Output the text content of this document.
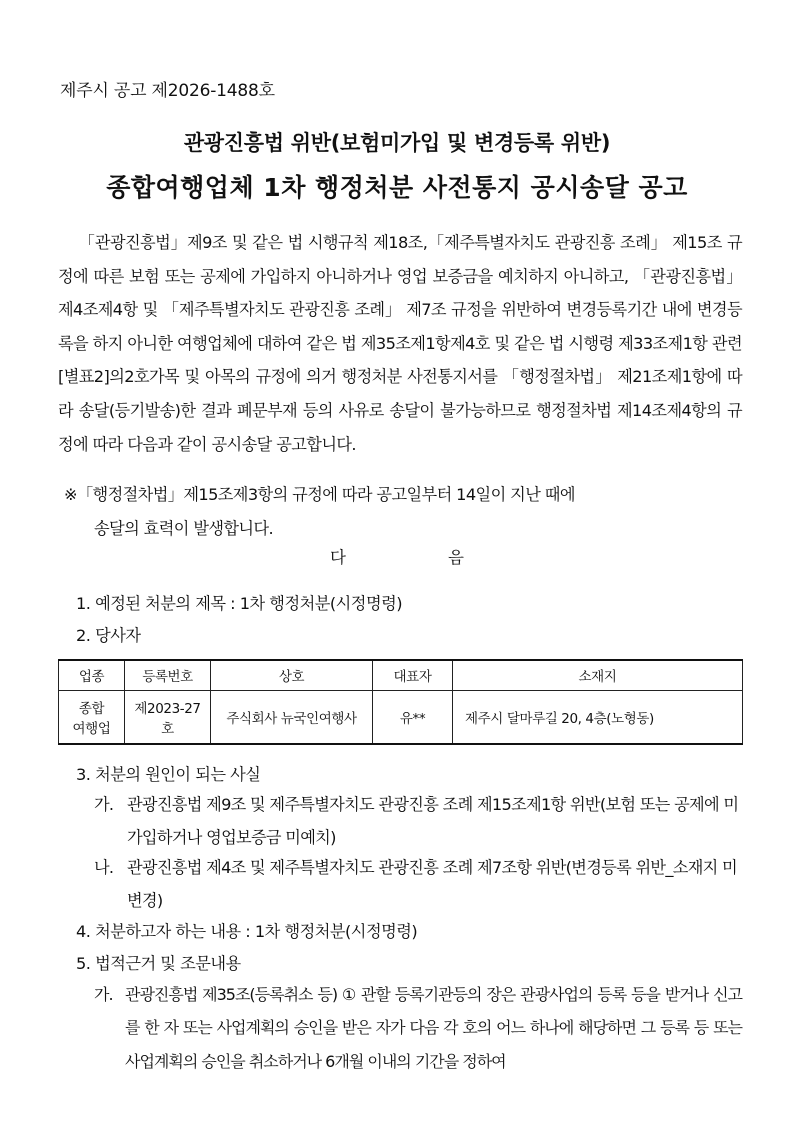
제주시 공고 제2026-1488호
관광진흥법 위반(보험미가입 및 변경등록 위반)
종합여행업체 1차 행정처분 사전통지 공시송달 공고
「관광진흥법」제9조 및 같은 법 시행규칙 제18조,「제주특별자치도 관광진흥 조례」 제15조 규정에 따른 보험 또는 공제에 가입하지 아니하거나 영업 보증금을 예치하지 아니하고, 「관광진흥법」제4조제4항 및 「제주특별자치도 관광진흥 조례」 제7조 규정을 위반하여 변경등록기간 내에 변경등록을 하지 아니한 여행업체에 대하여 같은 법 제35조제1항제4호 및 같은 법 시행령 제33조제1항 관련 [별표2]의2호가목 및 아목의 규정에 의거 행정처분 사전통지서를 「행정절차법」 제21조제1항에 따라 송달(등기발송)한 결과 폐문부재 등의 사유로 송달이 불가능하므로 행정절차법 제14조제4항의 규정에 따라 다음과 같이 공시송달 공고합니다.
※「행정절차법」제15조제3항의 규정에 따라 공고일부터 14일이 지난 때에
송달의 효력이 발생합니다.
다	음
1. 예정된 처분의 제목 : 1차 행정처분(시정명령)
2. 당사자
업종	등록번호	상호	대표자	소재지

종합
여행업	제2023-27호	주식회사 뉴국인여행사	유**	제주시 달마루길 20, 4층(노형동)
3. 처분의 원인이 되는 사실
가. 관광진흥법 제9조 및 제주특별자치도 관광진흥 조례 제15조제1항 위반(보험 또는 공제에 미가입하거나 영업보증금 미예치)
나. 관광진흥법 제4조 및 제주특별자치도 관광진흥 조례 제7조항 위반(변경등록 위반_소재지 미변경)
4. 처분하고자 하는 내용 : 1차 행정처분(시정명령)
5. 법적근거 및 조문내용
가. 관광진흥법 제35조(등록취소 등) ① 관할 등록기관등의 장은 관광사업의 등록 등을 받거나 신고를 한 자 또는 사업계획의 승인을 받은 자가 다음 각 호의 어느 하나에 해당하면 그 등록 등 또는 사업계획의 승인을 취소하거나 6개월 이내의 기간을 정하여
